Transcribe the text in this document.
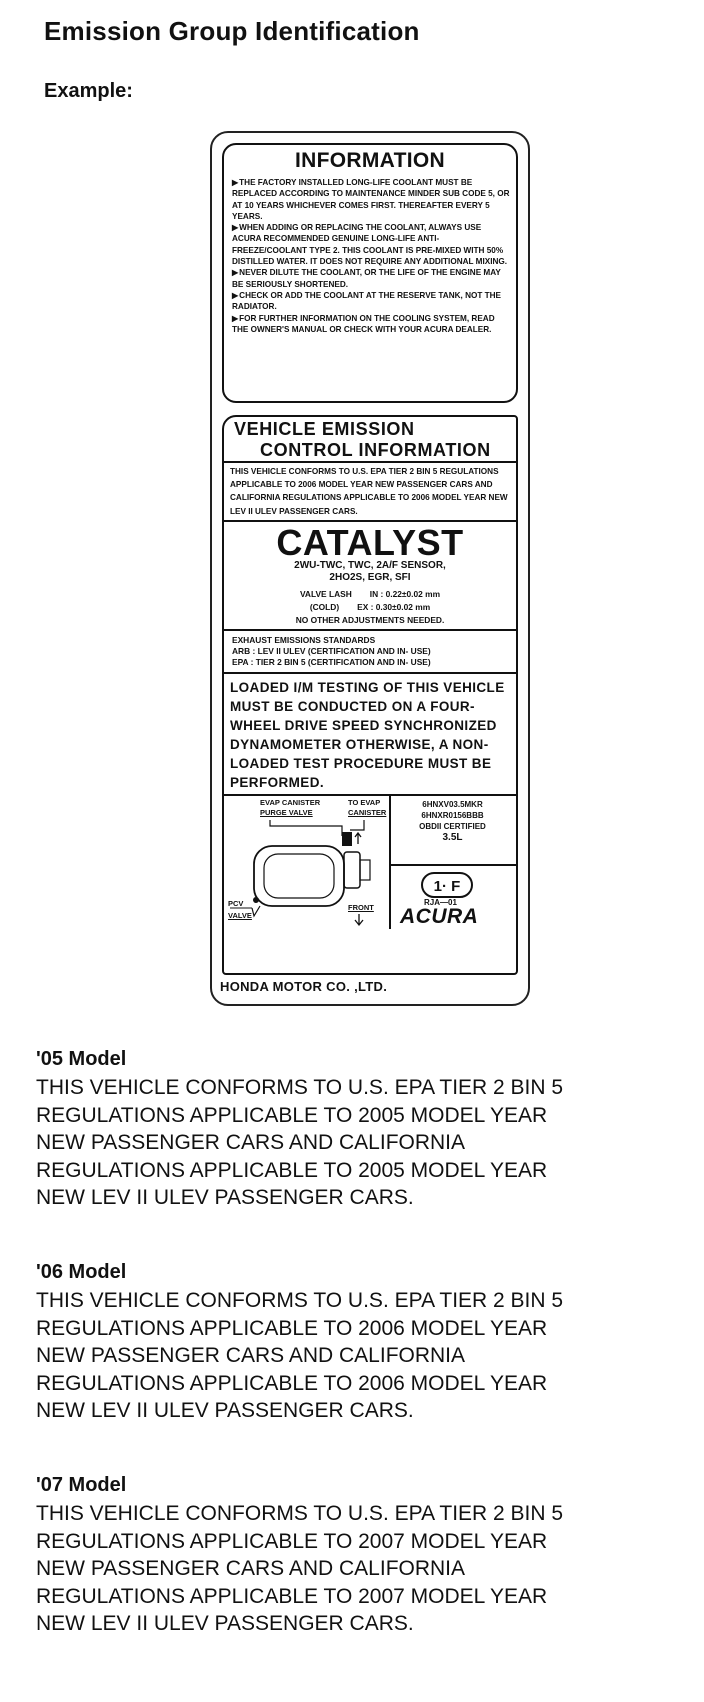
Emission Group Identification
Example:
INFORMATION
▶THE FACTORY INSTALLED LONG-LIFE COOLANT MUST BE REPLACED ACCORDING TO MAINTENANCE MINDER SUB CODE 5, OR AT 10 YEARS WHICHEVER COMES FIRST. THEREAFTER EVERY 5 YEARS.
▶WHEN ADDING OR REPLACING THE COOLANT, ALWAYS USE ACURA RECOMMENDED GENUINE LONG-LIFE ANTI-FREEZE/COOLANT TYPE 2. THIS COOLANT IS PRE-MIXED WITH 50% DISTILLED WATER. IT DOES NOT REQUIRE ANY ADDITIONAL MIXING.
▶NEVER DILUTE THE COOLANT, OR THE LIFE OF THE ENGINE MAY BE SERIOUSLY SHORTENED.
▶CHECK OR ADD THE COOLANT AT THE RESERVE TANK, NOT THE RADIATOR.
▶FOR FURTHER INFORMATION ON THE COOLING SYSTEM, READ THE OWNER'S MANUAL OR CHECK WITH YOUR ACURA DEALER.
VEHICLE EMISSION
CONTROL INFORMATION
THIS VEHICLE CONFORMS TO U.S. EPA TIER 2 BIN 5 REGULATIONS APPLICABLE TO 2006 MODEL YEAR NEW PASSENGER CARS AND CALIFORNIA REGULATIONS APPLICABLE TO 2006 MODEL YEAR NEW LEV II ULEV PASSENGER CARS.
CATALYST
2WU-TWC, TWC, 2A/F SENSOR,
2HO2S, EGR, SFI
VALVE LASH IN : 0.22±0.02 mm
(COLD) EX : 0.30±0.02 mm
NO OTHER ADJUSTMENTS NEEDED.
EXHAUST EMISSIONS STANDARDS
ARB : LEV II ULEV (CERTIFICATION AND IN- USE)
EPA : TIER 2 BIN 5 (CERTIFICATION AND IN- USE)
LOADED I/M TESTING OF THIS VEHICLE MUST BE CONDUCTED ON A FOUR- WHEEL DRIVE SPEED SYNCHRONIZED DYNAMOMETER OTHERWISE, A NON- LOADED TEST PROCEDURE MUST BE PERFORMED.
EVAP CANISTER
PURGE VALVE
TO EVAP
CANISTER
PCV
VALVE
FRONT
6HNXV03.5MKR
6HNXR0156BBB
OBDII CERTIFIED
3.5L
1· F
RJA—01
ACURA
HONDA MOTOR CO. ,LTD.
'05 Model

THIS VEHICLE CONFORMS TO U.S. EPA TIER 2 BIN 5
REGULATIONS APPLICABLE TO 2005 MODEL YEAR
NEW PASSENGER CARS AND CALIFORNIA
REGULATIONS APPLICABLE TO 2005 MODEL YEAR
NEW LEV II ULEV PASSENGER CARS.

'06 Model

THIS VEHICLE CONFORMS TO U.S. EPA TIER 2 BIN 5
REGULATIONS APPLICABLE TO 2006 MODEL YEAR
NEW PASSENGER CARS AND CALIFORNIA
REGULATIONS APPLICABLE TO 2006 MODEL YEAR
NEW LEV II ULEV PASSENGER CARS.

'07 Model

THIS VEHICLE CONFORMS TO U.S. EPA TIER 2 BIN 5
REGULATIONS APPLICABLE TO 2007 MODEL YEAR
NEW PASSENGER CARS AND CALIFORNIA
REGULATIONS APPLICABLE TO 2007 MODEL YEAR
NEW LEV II ULEV PASSENGER CARS.
